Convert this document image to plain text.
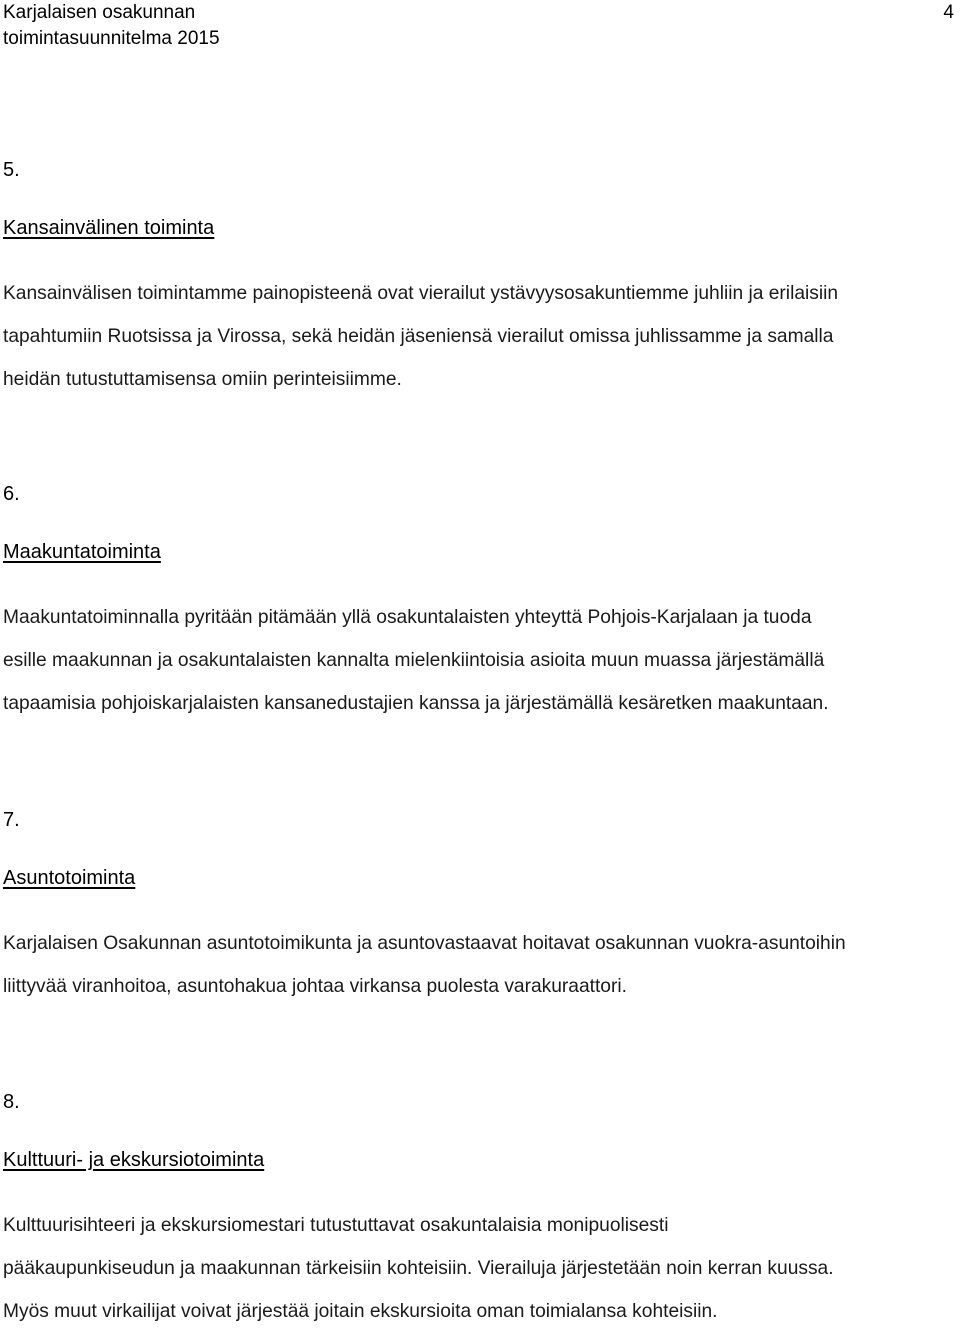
Karjalaisen osakunnan
toimintasuunnitelma 2015
4
5.
Kansainvälinen toiminta
Kansainvälisen toimintamme painopisteenä ovat vierailut ystävyysosakuntiemme juhliin ja erilaisiin
tapahtumiin Ruotsissa ja Virossa, sekä heidän jäseniensä vierailut omissa juhlissamme ja samalla
heidän tutustuttamisensa omiin perinteisiimme.
6.
Maakuntatoiminta
Maakuntatoiminnalla pyritään pitämään yllä osakuntalaisten yhteyttä Pohjois-Karjalaan ja tuoda
esille maakunnan ja osakuntalaisten kannalta mielenkiintoisia asioita muun muassa järjestämällä
tapaamisia pohjoiskarjalaisten kansanedustajien kanssa ja järjestämällä kesäretken maakuntaan.
7.
Asuntotoiminta
Karjalaisen Osakunnan asuntotoimikunta ja asuntovastaavat hoitavat osakunnan vuokra-asuntoihin
liittyvää viranhoitoa, asuntohakua johtaa virkansa puolesta varakuraattori.
8.
Kulttuuri- ja ekskursiotoiminta
Kulttuurisihteeri ja ekskursiomestari tutustuttavat osakuntalaisia monipuolisesti
pääkaupunkiseudun ja maakunnan tärkeisiin kohteisiin. Vierailuja järjestetään noin kerran kuussa.
Myös muut virkailijat voivat järjestää joitain ekskursioita oman toimialansa kohteisiin.
